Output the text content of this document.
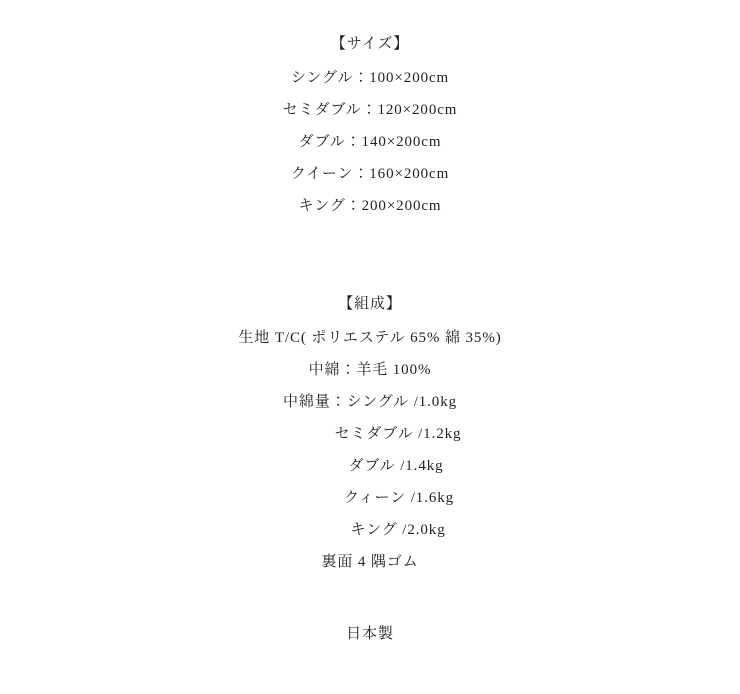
【サイズ】
シングル：100×200cm
セミダブル：120×200cm
ダブル：140×200cm
クイーン：160×200cm
キング：200×200cm
【組成】
生地 T/C( ポリエステル 65% 綿 35%)
中綿：羊毛 100%
中綿量：シングル /1.0kg
セミダブル /1.2kg
ダブル /1.4kg
クィーン /1.6kg
キング /2.0kg
裏面 4 隅ゴム
日本製
